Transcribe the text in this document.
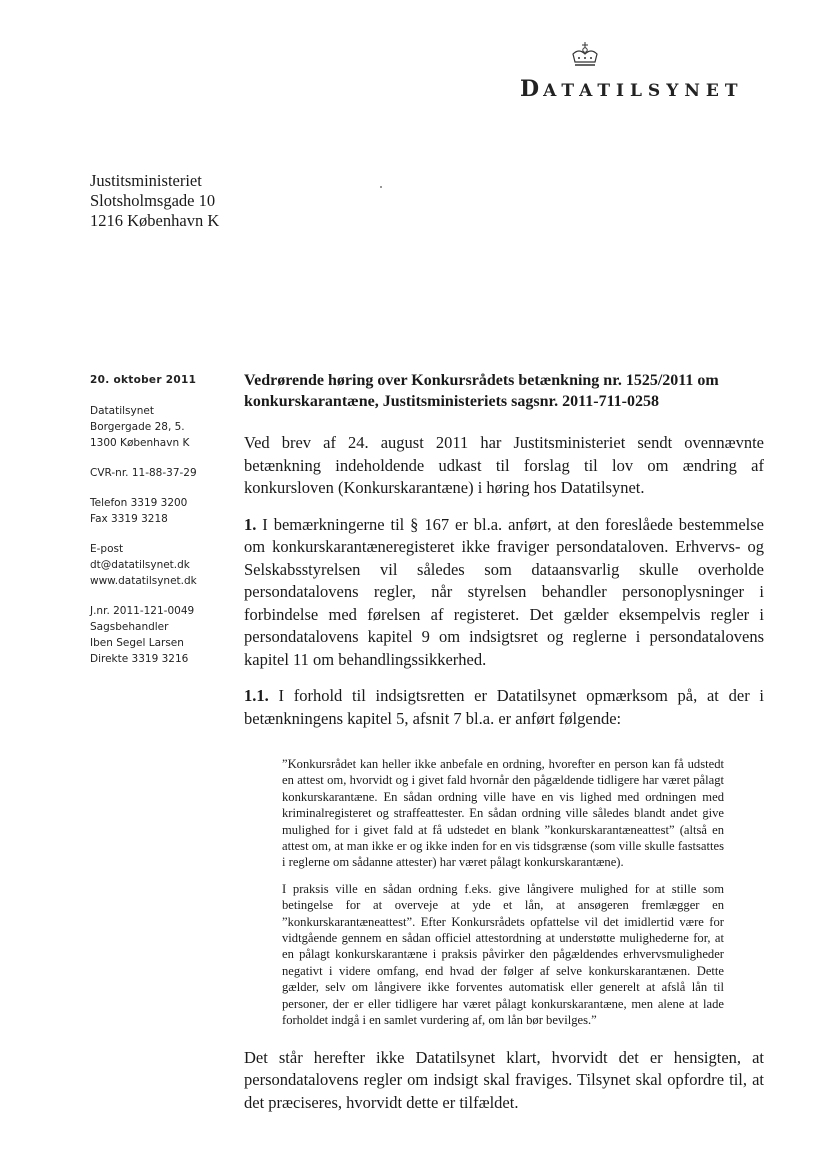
DATATILSYNET
Justitsministeriet
Slotsholmsgade 10
1216 København K
20. oktober 2011
Datatilsynet
Borgergade 28, 5.
1300 København K
CVR-nr. 11-88-37-29
Telefon 3319 3200
Fax 3319 3218
E-post
dt@datatilsynet.dk
www.datatilsynet.dk
J.nr. 2011-121-0049
Sagsbehandler
Iben Segel Larsen
Direkte 3319 3216
Vedrørende høring over Konkursrådets betænkning nr. 1525/2011 om konkurskarantæne, Justitsministeriets sagsnr. 2011-711-0258

Ved brev af 24. august 2011 har Justitsministeriet sendt ovennævnte betænkning indeholdende udkast til forslag til lov om ændring af konkursloven (Konkurskarantæne) i høring hos Datatilsynet.

1. I bemærkningerne til § 167 er bl.a. anført, at den foreslåede bestemmelse om konkurskarantæneregisteret ikke fraviger persondataloven. Erhvervs- og Selskabsstyrelsen vil således som dataansvarlig skulle overholde persondatalovens regler, når styrelsen behandler personoplysninger i forbindelse med førelsen af registeret. Det gælder eksempelvis regler i persondatalovens kapitel 9 om indsigtsret og reglerne i persondatalovens kapitel 11 om behandlingssikkerhed.

1.1. I forhold til indsigtsretten er Datatilsynet opmærksom på, at der i betænkningens kapitel 5, afsnit 7 bl.a. er anført følgende:

”Konkursrådet kan heller ikke anbefale en ordning, hvorefter en person kan få udstedt en attest om, hvorvidt og i givet fald hvornår den pågældende tidligere har været pålagt konkurskarantæne. En sådan ordning ville have en vis lighed med ordningen med kriminalregisteret og straffeattester. En sådan ordning ville således blandt andet give mulighed for i givet fald at få udstedet en blank ”konkurskarantæneattest” (altså en attest om, at man ikke er og ikke inden for en vis tidsgrænse (som ville skulle fastsattes i reglerne om sådanne attester) har været pålagt konkurskarantæne).

I praksis ville en sådan ordning f.eks. give långivere mulighed for at stille som betingelse for at overveje at yde et lån, at ansøgeren fremlægger en ”konkurskarantæneattest”. Efter Konkursrådets opfattelse vil det imidlertid være for vidtgående gennem en sådan officiel attestordning at understøtte mulighederne for, at en pålagt konkurskarantæne i praksis påvirker den pågældendes erhvervsmuligheder negativt i videre omfang, end hvad der følger af selve konkurskarantænen. Dette gælder, selv om långivere ikke forventes automatisk eller generelt at afslå lån til personer, der er eller tidligere har været pålagt konkurskarantæne, men alene at lade forholdet indgå i en samlet vurdering af, om lån bør bevilges.”

Det står herefter ikke Datatilsynet klart, hvorvidt det er hensigten, at persondatalovens regler om indsigt skal fraviges. Tilsynet skal opfordre til, at det præciseres, hvorvidt dette er tilfældet.
